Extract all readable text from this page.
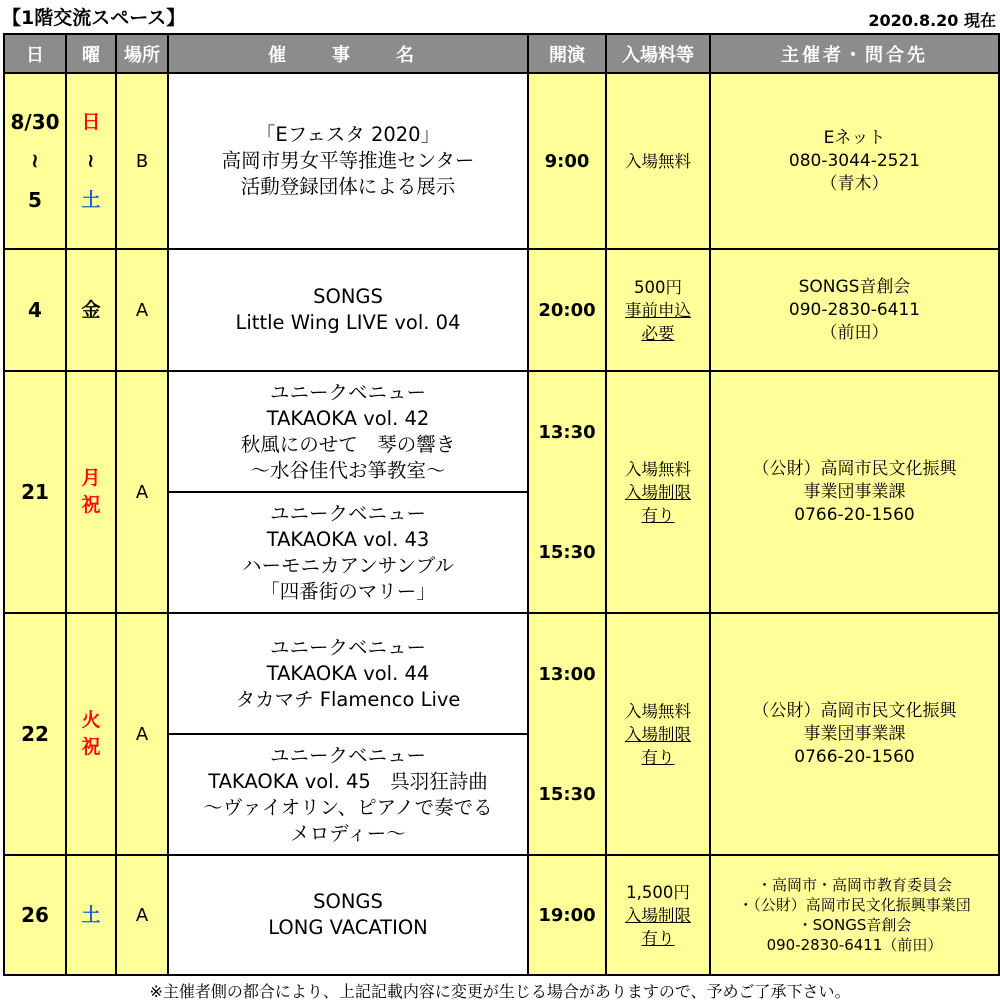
【1階交流スペース】	2020.8.20 現在
日	曜	場所	催　事　名	開演	入場料等	主催者・問合先

8/30
~
5	日
~
土	B	「Eフェスタ 2020」
高岡市男女平等推進センター
活動登録団体による展示	9:00	入場無料	Eネット
080-3044-2521
（青木）

4	金	A	SONGS
Little Wing LIVE vol. 04	20:00	500円
事前申込
必要	SONGS音創会
090-2830-6411
（前田）

21	月
祝	A	ユニークベニュー
TAKAOKA vol. 42
秋風にのせて　琴の響き
～水谷佳代お箏教室～	13:30	入場無料
入場制限
有り	（公財）高岡市民文化振興
事業団事業課
0766-20-1560

			ユニークベニュー
TAKAOKA vol. 43
ハーモニカアンサンブル
「四番街のマリー」	15:30		
22	火
祝	A	ユニークベニュー
TAKAOKA vol. 44
タカマチ Flamenco Live	13:00	入場無料
入場制限
有り	（公財）高岡市民文化振興
事業団事業課
0766-20-1560

			ユニークベニュー
TAKAOKA vol. 45　呉羽狂詩曲
～ヴァイオリン、ピアノで奏でる
メロディー～	15:30		
26	土	A	SONGS
LONG VACATION	19:00	1,500円
入場制限
有り	・高岡市・高岡市教育委員会
・（公財）高岡市民文化振興事業団
・SONGS音創会
090-2830-6411（前田）
※主催者側の都合により、上記記載内容に変更が生じる場合がありますので、予めご了承下さい。
